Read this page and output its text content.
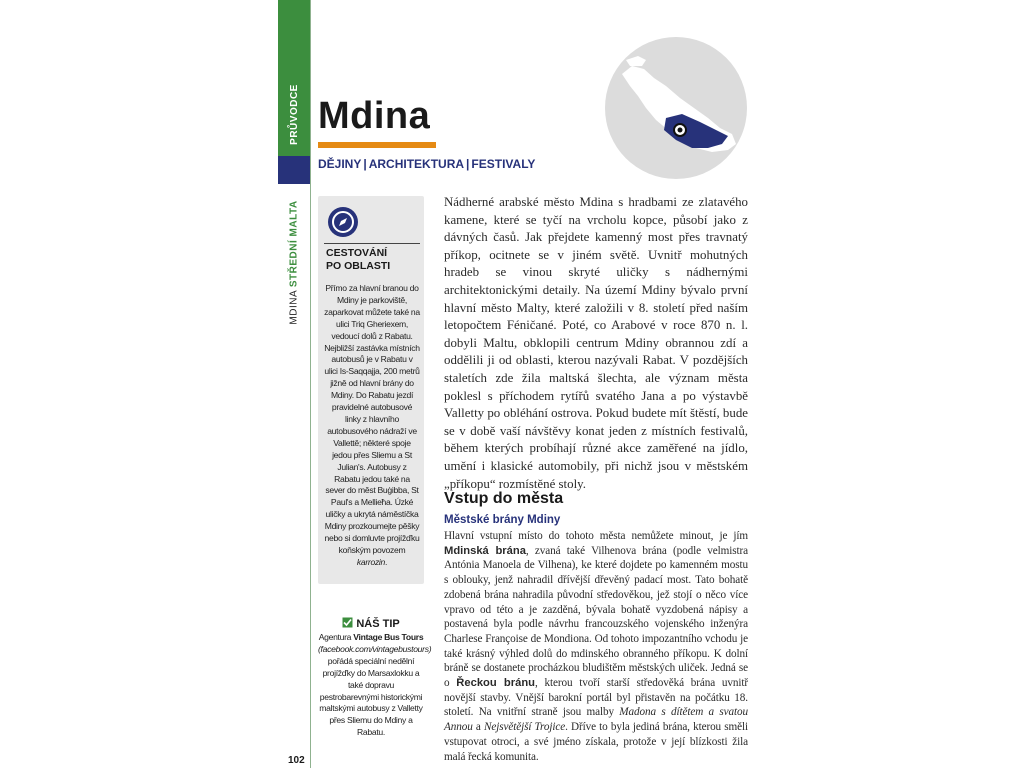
PRŮVODCE
MDINA STŘEDNÍ MALTA
Mdina
DĚJINY | ARCHITEKTURA | FESTIVALY
CESTOVÁNÍ
PO OBLASTI
Přímo za hlavní branou do Mdiny je parkoviště, zaparkovat můžete také na ulici Triq Gheriexem, vedoucí dolů z Rabatu. Nejbližší zastávka místních autobusů je v Rabatu v ulici Is-Saqqajja, 200 metrů jižně od hlavní brány do Mdiny. Do Rabatu jezdí pravidelné autobusové linky z hlavního autobusového nádraží ve Vallettě; některé spoje jedou přes Sliemu a St Julian's. Autobusy z Rabatu jedou také na sever do měst Buġibba, St Paul's a Mellieħa. Úzké uličky a ukrytá náměstíčka Mdiny prozkoumejte pěšky nebo si domluvte projížďku koňským povozem karrozin.
NÁŠ TIP
Agentura Vintage Bus Tours (facebook.com/vintagebustours) pořádá speciální nedělní projížďky do Marsaxlokku a také dopravu pestrobarevnými historickými maltskými autobusy z Valletty přes Sliemu do Mdiny a Rabatu.
102
Nádherné arabské město Mdina s hradbami ze zlatavého kamene, které se tyčí na vrcholu kopce, působí jako z dávných časů. Jak přejdete kamenný most přes travnatý příkop, ocitnete se v jiném světě. Uvnitř mohutných hradeb se vinou skryté uličky s nádhernými architektonickými detaily. Na území Mdiny bývalo první hlavní město Malty, které založili v 8. století před naším letopočtem Féničané. Poté, co Arabové v roce 870 n. l. dobyli Maltu, obklopili centrum Mdiny obrannou zdí a oddělili ji od oblasti, kterou nazývali Rabat. V pozdějších staletích zde žila maltská šlechta, ale význam města poklesl s příchodem rytířů svatého Jana a po výstavbě Valletty po obléhání ostrova. Pokud budete mít štěstí, bude se v době vaší návštěvy konat jeden z místních festivalů, během kterých probíhají různé akce zaměřené na jídlo, umění i klasické automobily, při nichž jsou v městském „příkopu“ rozmístěné stoly.
Vstup do města
Městské brány Mdiny
Hlavní vstupní místo do tohoto města nemůžete minout, je jím Mdinská brána, zvaná také Vilhenova brána (podle velmistra Antónia Manoela de Vilhena), ke které dojdete po kamenném mostu s oblouky, jenž nahradil dřívější dřevěný padací most. Tato bohatě zdobená brána nahradila původní středověkou, jež stojí o něco více vpravo od této a je zazděná, bývala bohatě vyzdobená nápisy a postavená byla podle návrhu francouzského vojenského inženýra Charlese Françoise de Mondiona. Od tohoto impozantního vchodu je také krásný výhled dolů do mdinského obranného příkopu. K dolní bráně se dostanete procházkou bludištěm městských uliček. Jedná se o Řeckou bránu, kterou tvoří starší středověká brána uvnitř novější stavby. Vnější barokní portál byl přistavěn na počátku 18. století. Na vnitřní straně jsou malby Madona s dítětem a svatou Annou a Nejsvětější Trojice. Dříve to byla jediná brána, kterou směli vstupovat otroci, a své jméno získala, protože v její blízkosti žila malá řecká komunita.
